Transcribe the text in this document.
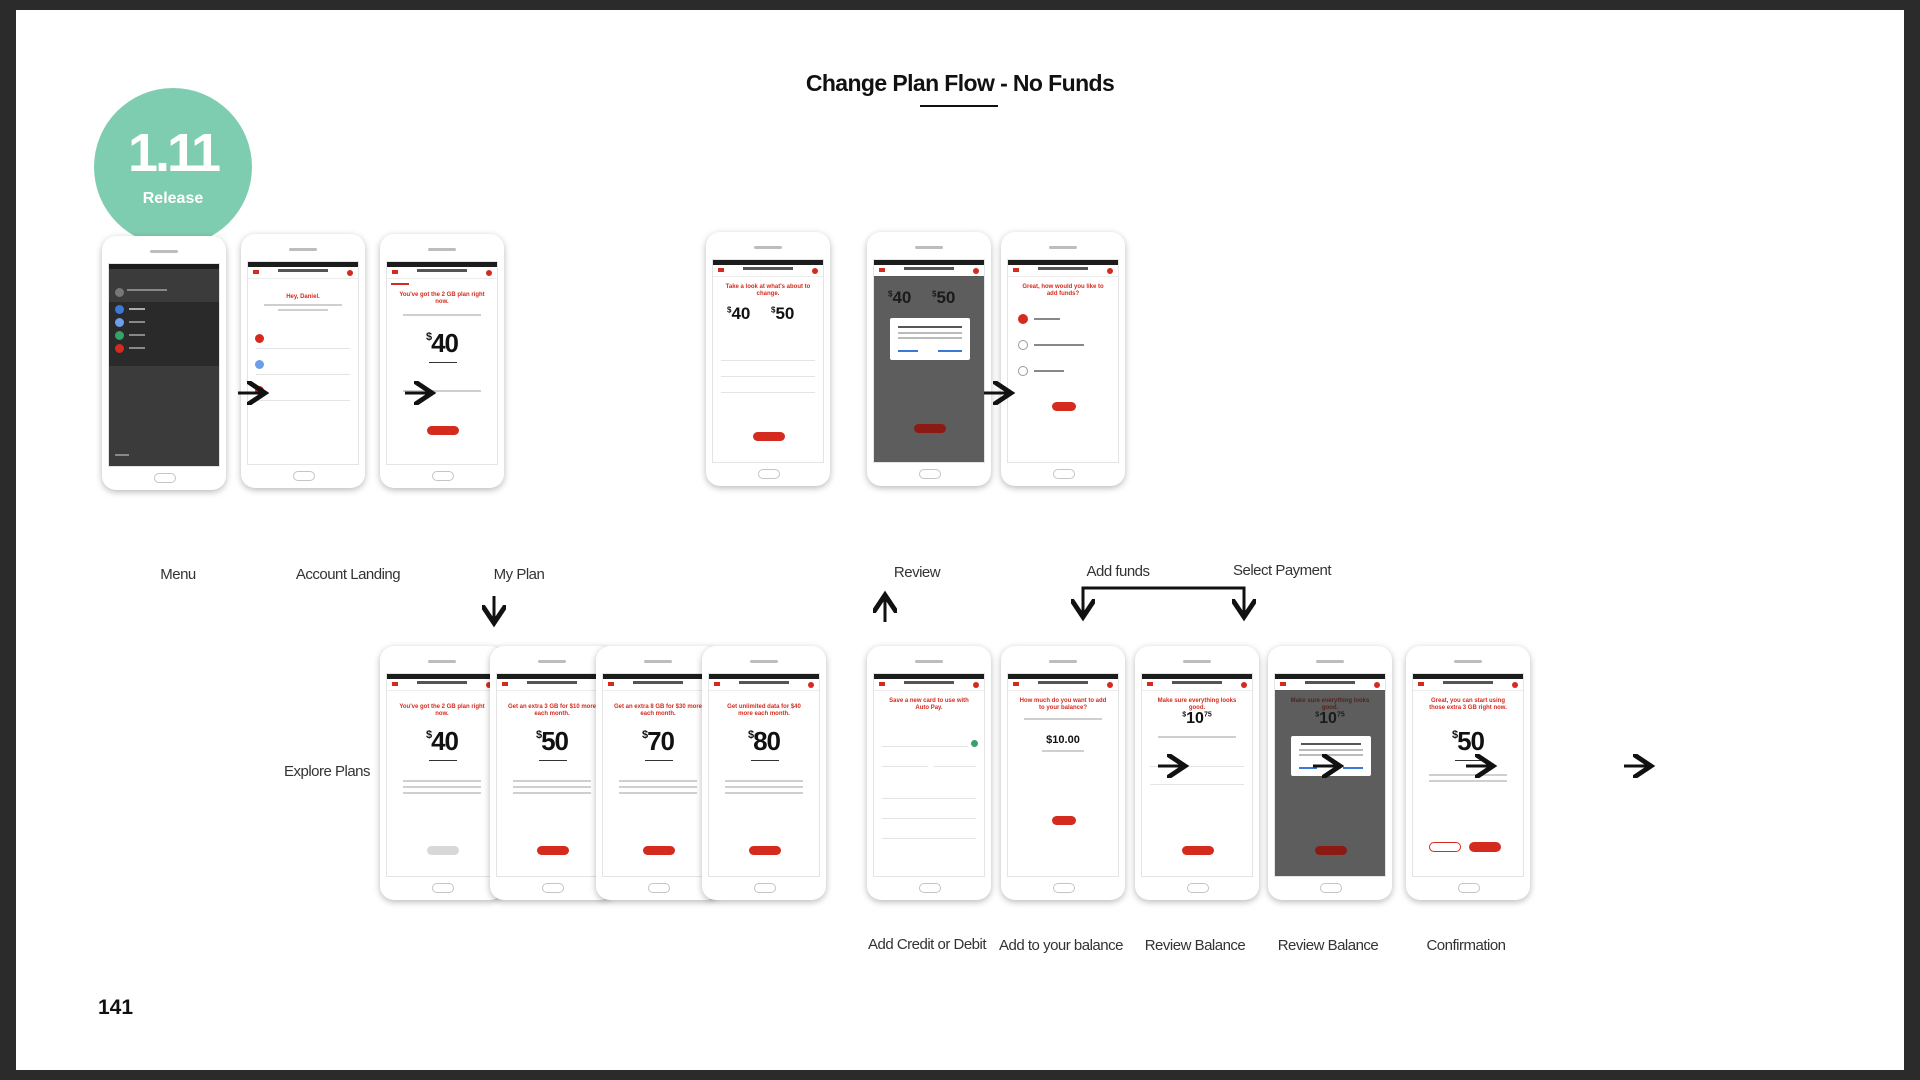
Change Plan Flow - No Funds
1.11
Release
141
Hey, Daniel.	You've got the 2 GB plan right now.
$40
Take a look at what's about to change.
$40	$50
Great, how would you like to add funds?
Menu	Account Landing	My Plan	Review	Add funds	Select Payment
Explore Plans
You've got the 2 GB plan right now.
$40
Get an extra 3 GB for $10 more each month.
$50
Get an extra 8 GB for $30 more each month.
$70
Get unlimited data for $40 more each month.
$80
Save a new card to use with Auto Pay.
How much do you want to add to your balance?
$10.00
Make sure everything looks good.
$^{\$}10^{75}$
Great, you can start using those extra 3 GB right now.
$50
Add Credit or Debit Add to your balance	Review Balance	Review Balance	Confirmation
